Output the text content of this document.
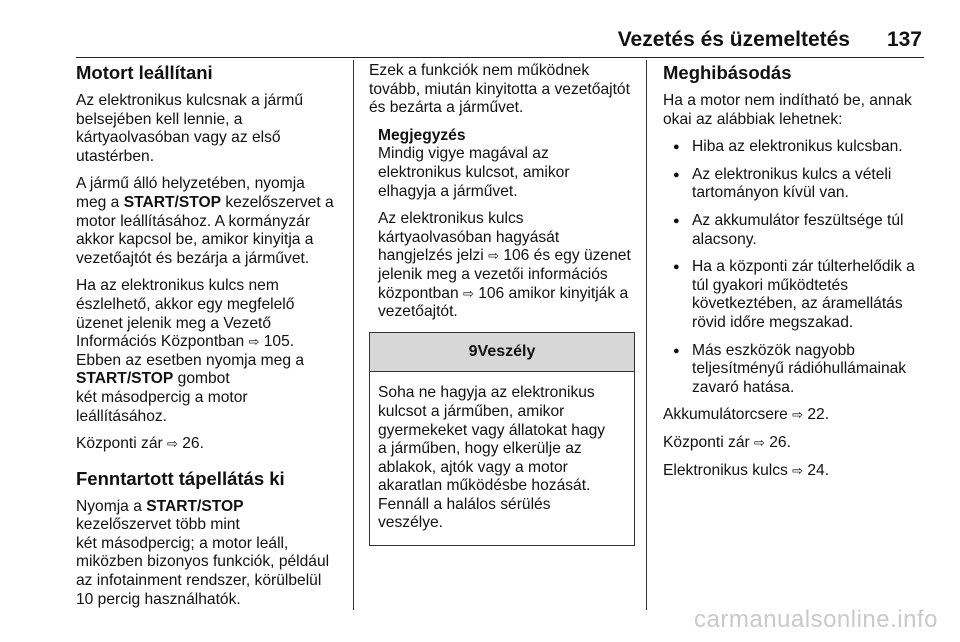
Vezetés és üzemeltetés 137
Motort leállítani

Az elektronikus kulcsnak a jármű
belsejében kell lennie, a
kártyaolvasóban vagy az első
utastérben.

A jármű álló helyzetében, nyomja
meg a START/STOP kezelőszervet a
motor leállításához. A kormányzár
akkor kapcsol be, amikor kinyitja a
vezetőajtót és bezárja a járművet.

Ha az elektronikus kulcs nem
észlelhető, akkor egy megfelelő
üzenet jelenik meg a Vezető
Információs Központban ⇨ 105.
Ebben az esetben nyomja meg a
START/STOP gombot
két másodpercig a motor
leállításához.

Központi zár ⇨ 26.

Fenntartott tápellátás ki

Nyomja a START/STOP
kezelőszervet több mint
két másodpercig; a motor leáll,
miközben bizonyos funkciók, például
az infotainment rendszer, körülbelül
10 percig használhatók.

Ezek a funkciók nem működnek
tovább, miután kinyitotta a vezetőajtót
és bezárta a járművet.

Megjegyzés

Mindig vigye magával az
elektronikus kulcsot, amikor
elhagyja a járművet.

Az elektronikus kulcs
kártyaolvasóban hagyását
hangjelzés jelzi ⇨ 106 és egy üzenet
jelenik meg a vezetői információs
központban ⇨ 106 amikor kinyitják a
vezetőajtót.

9Veszély
Soha ne hagyja az elektronikus
kulcsot a járműben, amikor
gyermekeket vagy állatokat hagy
a járműben, hogy elkerülje az
ablakok, ajtók vagy a motor
akaratlan működésbe hozását.
Fennáll a halálos sérülés
veszélye.
Meghibásodás

Ha a motor nem indítható be, annak
okai az alábbiak lehetnek:

● Hiba az elektronikus kulcsban.
● Az elektronikus kulcs a vételi
tartományon kívül van.
● Az akkumulátor feszültsége túl
alacsony.
● Ha a központi zár túlterhelődik a
túl gyakori működtetés
következtében, az áramellátás
rövid időre megszakad.
● Más eszközök nagyobb
teljesítményű rádióhullámainak
zavaró hatása.

Akkumulátorcsere ⇨ 22.

Központi zár ⇨ 26.

Elektronikus kulcs ⇨ 24.

carmanualsonline.info
